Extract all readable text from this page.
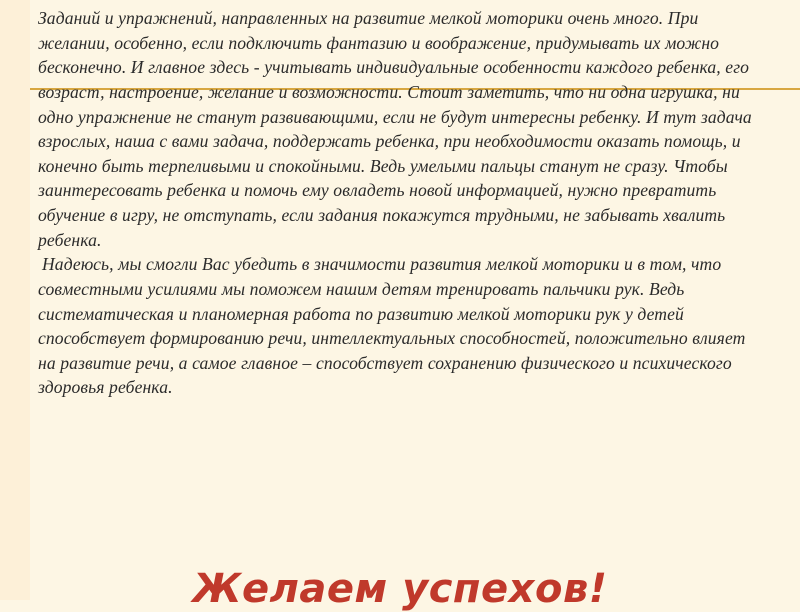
Заданий и упражнений, направленных на развитие мелкой моторики очень много. При желании, особенно, если подключить фантазию и воображение, придумывать их можно бесконечно. И главное здесь - учитывать индивидуальные особенности каждого ребенка, его возраст, настроение, желание и возможности. Стоит заметить, что ни одна игрушка, ни одно упражнение не станут развивающими, если не будут интересны ребенку. И тут задача взрослых, наша с вами задача, поддержать ребенка, при необходимости оказать помощь, и конечно быть терпеливыми и спокойными. Ведь умелыми пальцы станут не сразу. Чтобы заинтересовать ребенка и помочь ему овладеть новой информацией, нужно превратить обучение в игру, не отступать, если задания покажутся трудными, не забывать хвалить ребенка.

Надеюсь, мы смогли Вас убедить в значимости развития мелкой моторики и в том, что совместными усилиями мы поможем нашим детям тренировать пальчики рук. Ведь систематическая и планомерная работа по развитию мелкой моторики рук у детей способствует формированию речи, интеллектуальных способностей, положительно влияет на развитие речи, а самое главное – способствует сохранению физического и психического здоровья ребенка.

Желаем успехов!
